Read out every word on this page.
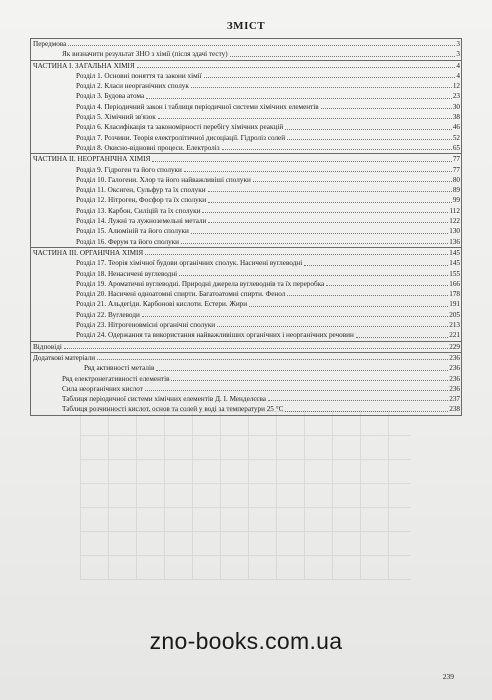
ЗМІСТ
Передмова	3
Як визначити результат ЗНО з хімії (після здачі тесту)	3
ЧАСТИНА І. ЗАГАЛЬНА ХІМІЯ	4
Розділ 1. Основні поняття та закони хімії	4
Розділ 2. Класи неорганічних сполук	12
Розділ 3. Будова атома	23
Розділ 4. Періодичний закон і таблиця періодичної системи хімічних елементів	30
Розділ 5. Хімічний зв'язок	38
Розділ 6. Класифікація та закономірності перебігу хімічних реакцій	46
Розділ 7. Розчини. Теорія електролітичної дисоціації. Гідроліз солей	52
Розділ 8. Окисно-відновні процеси. Електроліз	65
ЧАСТИНА ІІ. НЕОРГАНІЧНА ХІМІЯ	77
Розділ 9. Гідроген та його сполуки	77
Розділ 10. Галогени. Хлор та його найважливіші сполуки	80
Розділ 11. Оксиген, Сульфур та їх сполуки	89
Розділ 12. Нітроген, Фосфор та їх сполуки	99
Розділ 13. Карбон, Силіцій та їх сполуки	112
Розділ 14. Лужні та лужноземельні метали	122
Розділ 15. Алюміній та його сполуки	130
Розділ 16. Ферум та його сполуки	136
ЧАСТИНА ІІІ. ОРГАНІЧНА ХІМІЯ	145
Розділ 17. Теорія хімічної будови органічних сполук. Насичені вуглеводні	145
Розділ 18. Ненасичені вуглеводні	155
Розділ 19. Ароматичні вуглеводні. Природні джерела вуглеводнів та їх переробка	166
Розділ 20. Насичені одноатомні спирти. Багатоатомні спирти. Фенол	178
Розділ 21. Альдегіди. Карбонові кислоти. Естери. Жири	191
Розділ 22. Вуглеводи	205
Розділ 23. Нітрогеновмісні органічні сполуки	213
Розділ 24. Одержання та використання найважливіших органічних і неорганічних речовин	221
Відповіді	229
Додаткові матеріали	236
Ряд активності металів	236
Ряд електронегативності елементів	236
Сила неорганічних кислот	236
Таблиця періодичної системи хімічних елементів Д. І. Менделєєва	237
Таблиця розчинності кислот, основ та солей у воді за температури 25 °С	238
zno-books.com.ua
239
